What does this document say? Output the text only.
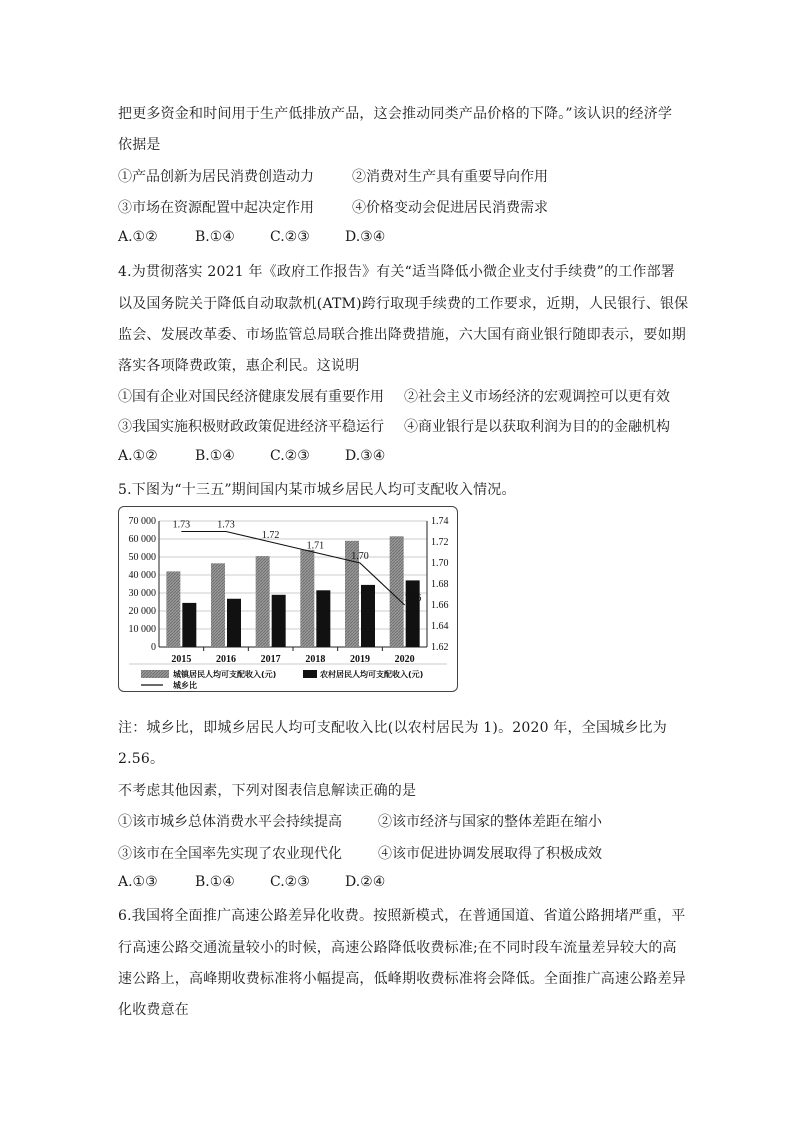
把更多资金和时间用于生产低排放产品，这会推动同类产品价格的下降。”该认识的经济学
依据是
①产品创新为居民消费创造动力	②消费对生产具有重要导向作用
③市场在资源配置中起决定作用	④价格变动会促进居民消费需求
A.①②	B.①④	C.②③	D.③④
4.为贯彻落实 2021 年《政府工作报告》有关“适当降低小微企业支付手续费”的工作部署
以及国务院关于降低自动取款机(ATM)跨行取现手续费的工作要求，近期，人民银行、银保
监会、发展改革委、市场监管总局联合推出降费措施，六大国有商业银行随即表示，要如期
落实各项降费政策，惠企利民。这说明
①国有企业对国民经济健康发展有重要作用 ②社会主义市场经济的宏观调控可以更有效
③我国实施积极财政政策促进经济平稳运行 ④商业银行是以获取利润为目的的金融机构
A.①②	B.①④	C.②③	D.③④
5.下图为“十三五”期间国内某市城乡居民人均可支配收入情况。
0
10 000
20 000
30 000
40 000
50 000
60 000
70 000
1.62
1.64
1.66
1.68
1.70
1.72
1.74
2015 2016 2017 2018 2019 2020
1.73	1.73
1.72
1.71
1.70
1.66
城镇居民人均可支配收入(元)	农村居民人均可支配收入(元)
城乡比
注：城乡比，即城乡居民人均可支配收入比(以农村居民为 1)。2020 年，全国城乡比为
2.56。
不考虑其他因素，下列对图表信息解读正确的是
①该市城乡总体消费水平会持续提高	②该市经济与国家的整体差距在缩小
③该市在全国率先实现了农业现代化	④该市促进协调发展取得了积极成效
A.①③	B.①④	C.②③	D.②④
6.我国将全面推广高速公路差异化收费。按照新模式，在普通国道、省道公路拥堵严重，平
行高速公路交通流量较小的时候，高速公路降低收费标准;在不同时段车流量差异较大的高
速公路上，高峰期收费标准将小幅提高，低峰期收费标准将会降低。全面推广高速公路差异
化收费意在
